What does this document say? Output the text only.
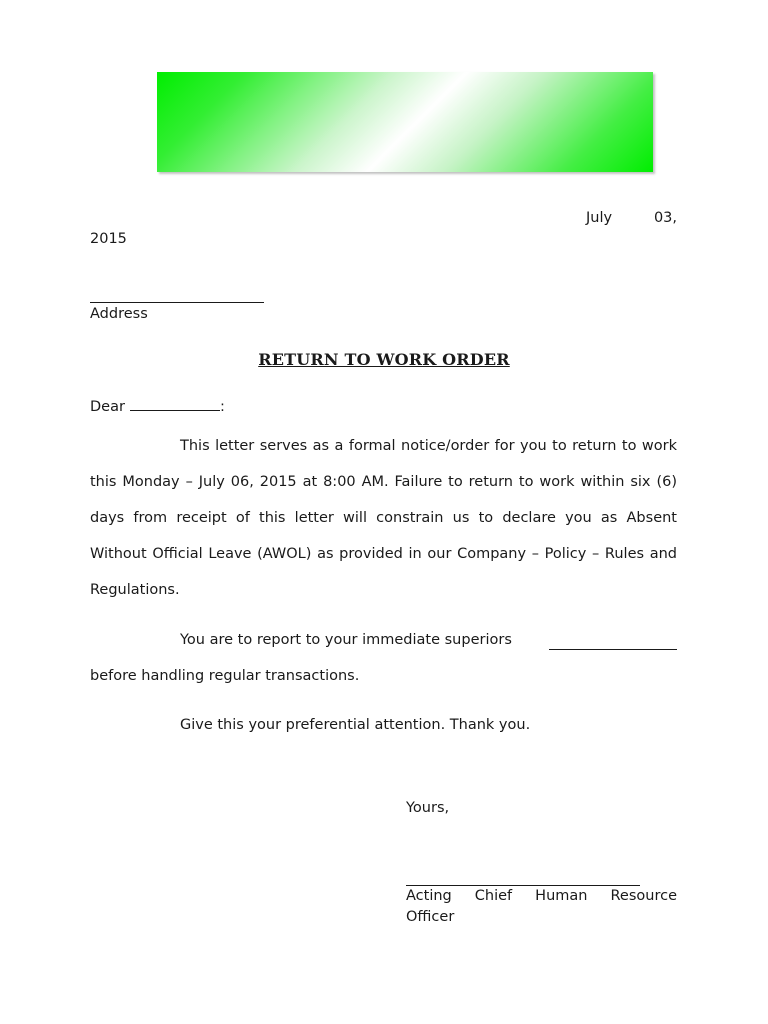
July	03,
2015
Address
RETURN TO WORK ORDER
Dear	:
This letter serves as a formal notice/order for you to return to work this Monday – July 06, 2015 at 8:00 AM. Failure to return to work within six (6) days from receipt of this letter will constrain us to declare you as Absent Without Official Leave (AWOL) as provided in our Company – Policy – Rules and Regulations.
You are to report to your immediate superiors
before handling regular transactions.
Give this your preferential attention. Thank you.
Yours,
Acting Chief Human Resource
Officer
